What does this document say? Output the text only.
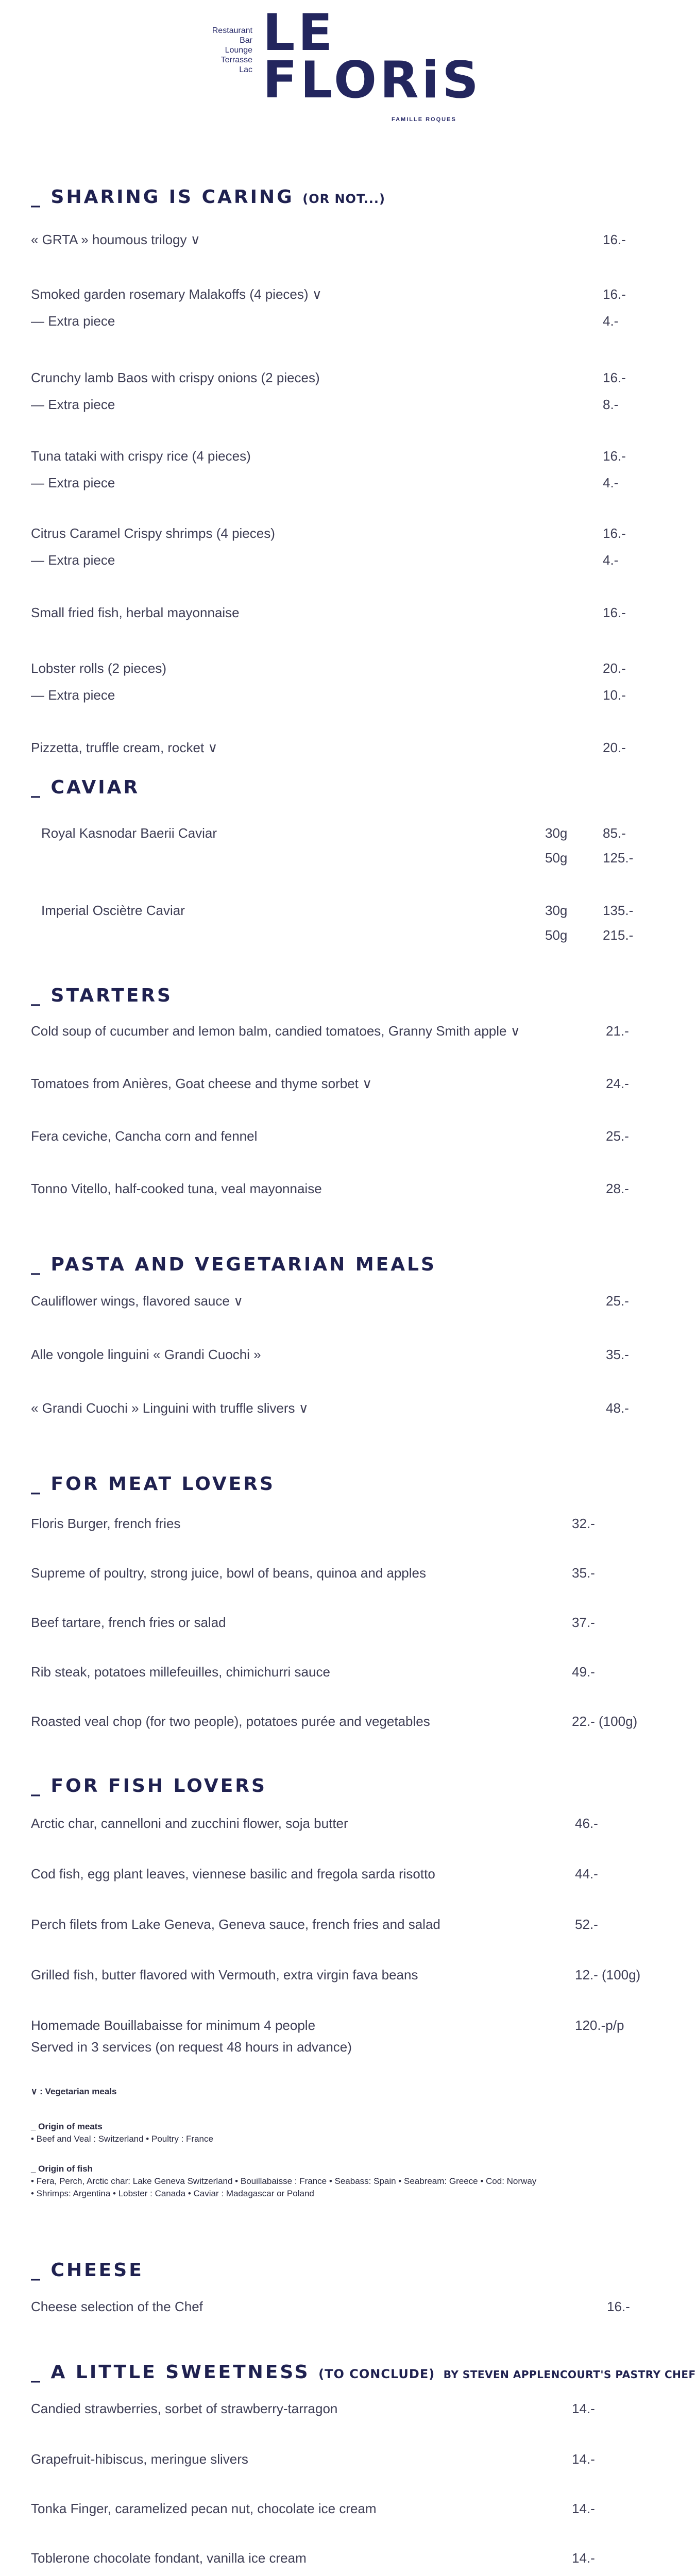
Restaurant
Bar
Lounge
Terrasse
Lac
LE
FLORiS
FAMILLE ROQUES
_ SHARING IS CARING (OR NOT...)
« GRTA » houmous trilogy ∨	16.-
Smoked garden rosemary Malakoffs (4 pieces) ∨	16.-
— Extra piece	4.-
Crunchy lamb Baos with crispy onions (2 pieces)	16.-
— Extra piece	8.-
Tuna tataki with crispy rice (4 pieces)	16.-
— Extra piece	4.-
Citrus Caramel Crispy shrimps (4 pieces)	16.-
— Extra piece	4.-
Small fried fish, herbal mayonnaise	16.-
Lobster rolls (2 pieces)	20.-
— Extra piece	10.-
Pizzetta, truffle cream, rocket ∨	20.-
_ CAVIAR
Royal Kasnodar Baerii Caviar	30g	85.-
50g	125.-
Imperial Osciètre Caviar	30g	135.-
50g	215.-
_ STARTERS
Cold soup of cucumber and lemon balm, candied tomatoes, Granny Smith apple ∨	21.-
Tomatoes from Anières, Goat cheese and thyme sorbet ∨	24.-
Fera ceviche, Cancha corn and fennel	25.-
Tonno Vitello, half-cooked tuna, veal mayonnaise	28.-
_ PASTA AND VEGETARIAN MEALS
Cauliflower wings, flavored sauce ∨	25.-
Alle vongole linguini « Grandi Cuochi »	35.-
« Grandi Cuochi » Linguini with truffle slivers ∨	48.-
_ FOR MEAT LOVERS
Floris Burger, french fries	32.-
Supreme of poultry, strong juice, bowl of beans, quinoa and apples	35.-
Beef tartare, french fries or salad	37.-
Rib steak, potatoes millefeuilles, chimichurri sauce	49.-
Roasted veal chop (for two people), potatoes purée and vegetables	22.- (100g)
_ FOR FISH LOVERS
Arctic char, cannelloni and zucchini flower, soja butter	46.-
Cod fish, egg plant leaves, viennese basilic and fregola sarda risotto	44.-
Perch filets from Lake Geneva, Geneva sauce, french fries and salad	52.-
Grilled fish, butter flavored with Vermouth, extra virgin fava beans	12.- (100g)
Homemade Bouillabaisse for minimum 4 people	120.-p/p
Served in 3 services (on request 48 hours in advance)
∨ : Vegetarian meals
_ Origin of meats
• Beef and Veal : Switzerland • Poultry : France
_ Origin of fish
• Fera, Perch, Arctic char: Lake Geneva Switzerland • Bouillabaisse : France • Seabass: Spain • Seabream: Greece • Cod: Norway
• Shrimps: Argentina • Lobster : Canada • Caviar : Madagascar or Poland
_ CHEESE
Cheese selection of the Chef	16.-
_ A LITTLE SWEETNESS (TO CONCLUDE) BY STEVEN APPLENCOURT'S PASTRY CHEF
Candied strawberries, sorbet of strawberry-tarragon	14.-
Grapefruit-hibiscus, meringue slivers	14.-
Tonka Finger, caramelized pecan nut, chocolate ice cream	14.-
Toblerone chocolate fondant, vanilla ice cream	14.-
